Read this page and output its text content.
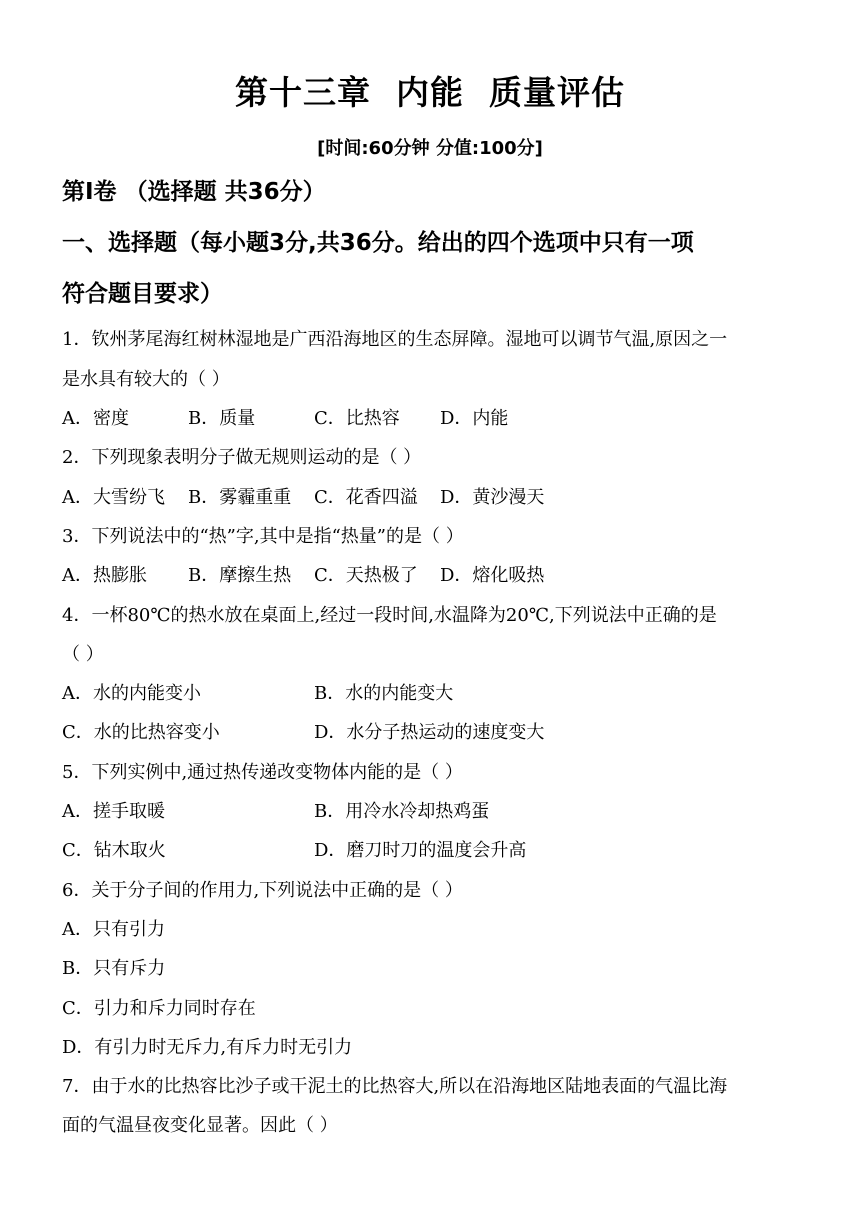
第十三章  内能  质量评估
[时间:60分钟 分值:100分]
第Ⅰ卷 （选择题 共36分）
一、选择题（每小题3分,共36分。给出的四个选项中只有一项
符合题目要求）
1．钦州茅尾海红树林湿地是广西沿海地区的生态屏障。湿地可以调节气温,原因之一
是水具有较大的（ ）
A．密度	B．质量	C．比热容 D．内能
2．下列现象表明分子做无规则运动的是（ ）
A．大雪纷飞 B．雾霾重重 C．花香四溢 D．黄沙漫天
3．下列说法中的“热”字,其中是指“热量”的是（ ）
A．热膨胀 B．摩擦生热 C．天热极了 D．熔化吸热
4．一杯80℃的热水放在桌面上,经过一段时间,水温降为20℃,下列说法中正确的是
（ ）
A．水的内能变小	B．水的内能变大
C．水的比热容变小	D．水分子热运动的速度变大
5．下列实例中,通过热传递改变物体内能的是（ ）
A．搓手取暖	B．用冷水冷却热鸡蛋
C．钻木取火	D．磨刀时刀的温度会升高
6．关于分子间的作用力,下列说法中正确的是（ ）
A．只有引力
B．只有斥力
C．引力和斥力同时存在
D．有引力时无斥力,有斥力时无引力
7．由于水的比热容比沙子或干泥土的比热容大,所以在沿海地区陆地表面的气温比海
面的气温昼夜变化显著。因此（ ）
